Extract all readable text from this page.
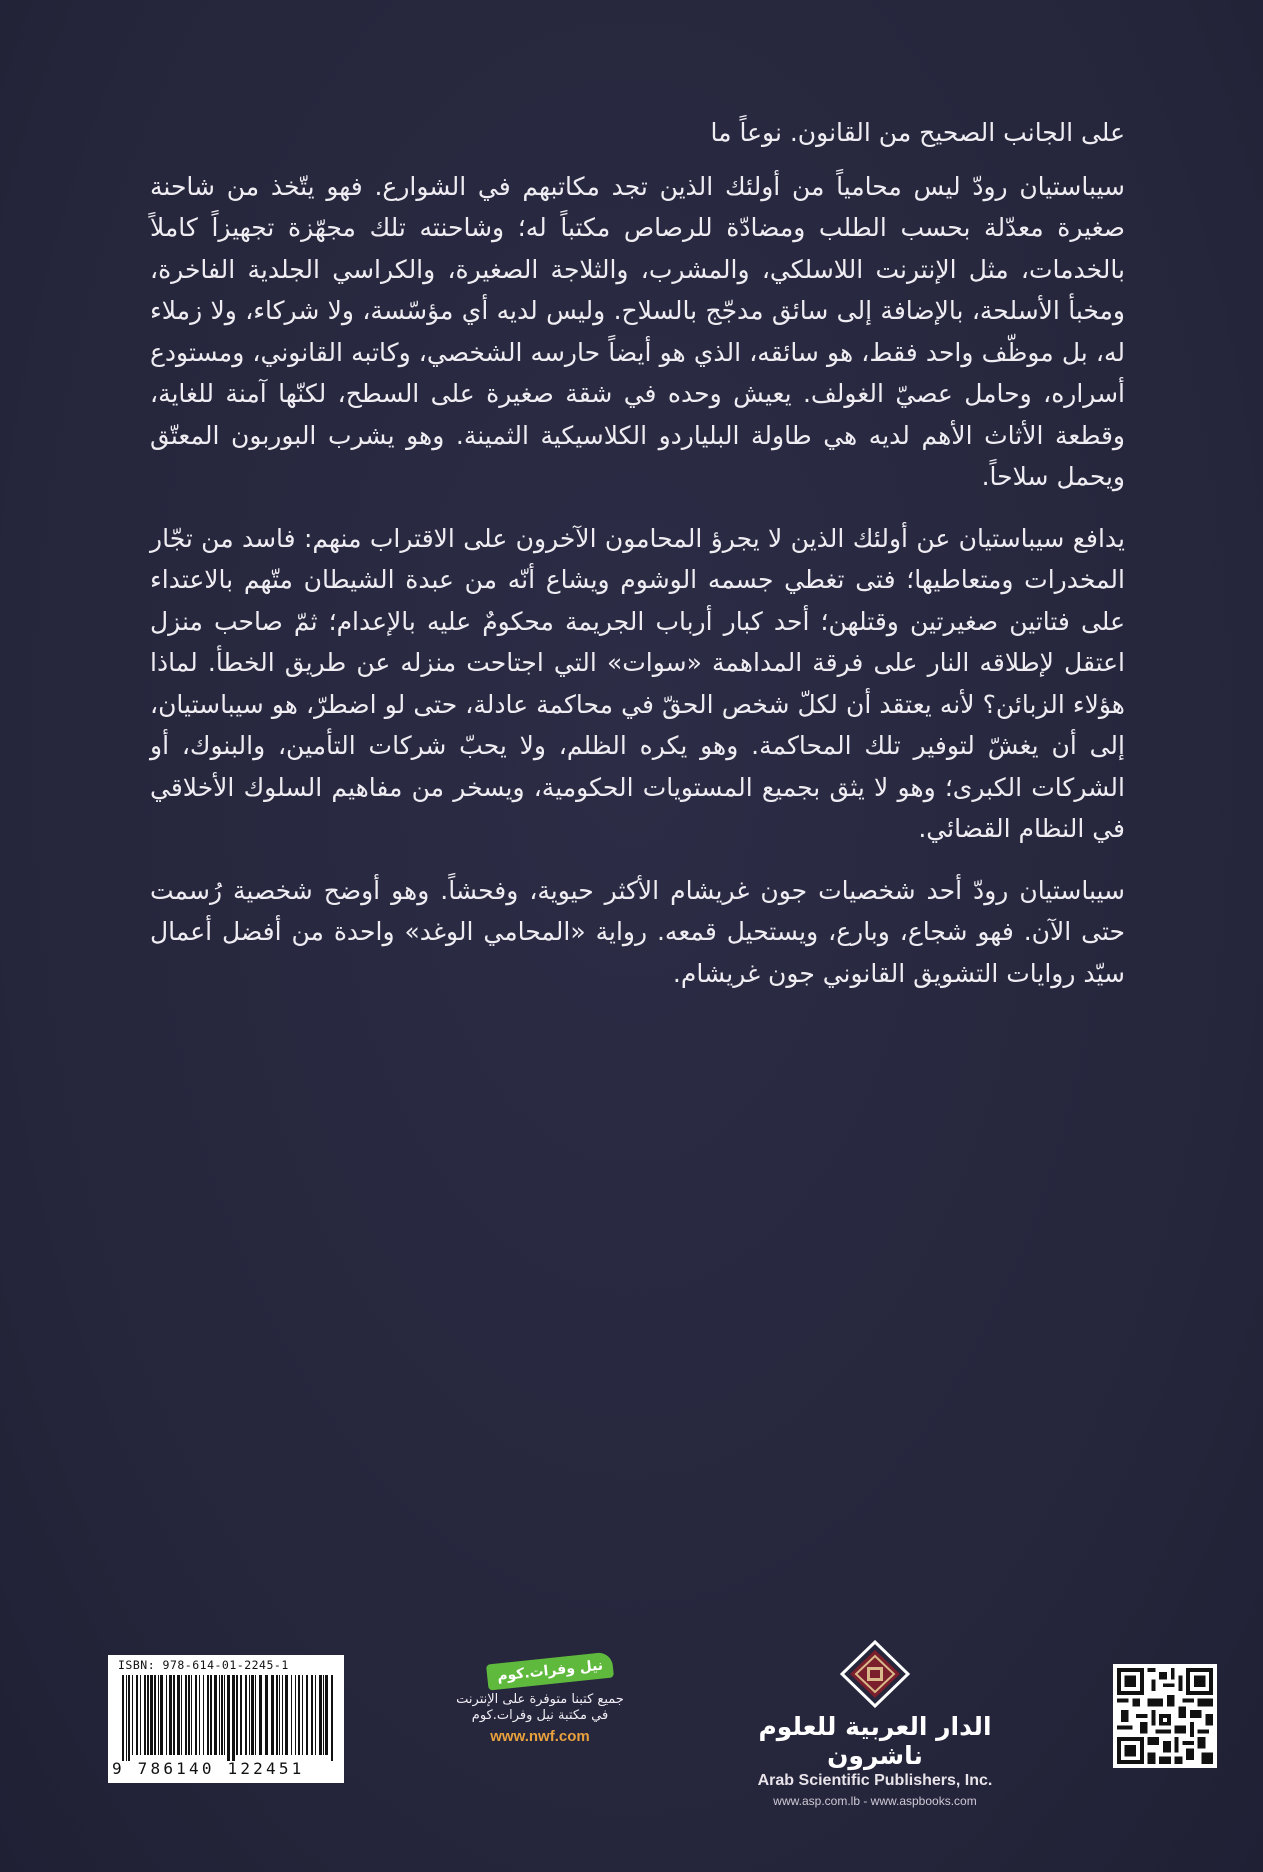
على الجانب الصحيح من القانون. نوعاً ما

سيباستيان رودّ ليس محامياً من أولئك الذين تجد مكاتبهم في الشوارع. فهو يتّخذ من شاحنة صغيرة معدّلة بحسب الطلب ومضادّة للرصاص مكتباً له؛ وشاحنته تلك مجهّزة تجهيزاً كاملاً بالخدمات، مثل الإنترنت اللاسلكي، والمشرب، والثلاجة الصغيرة، والكراسي الجلدية الفاخرة، ومخبأ الأسلحة، بالإضافة إلى سائق مدجّج بالسلاح. وليس لديه أي مؤسّسة، ولا شركاء، ولا زملاء له، بل موظّف واحد فقط، هو سائقه، الذي هو أيضاً حارسه الشخصي، وكاتبه القانوني، ومستودع أسراره، وحامل عصيّ الغولف. يعيش وحده في شقة صغيرة على السطح، لكنّها آمنة للغاية، وقطعة الأثاث الأهم لديه هي طاولة البلياردو الكلاسيكية الثمينة. وهو يشرب البوربون المعتّق ويحمل سلاحاً.

يدافع سيباستيان عن أولئك الذين لا يجرؤ المحامون الآخرون على الاقتراب منهم: فاسد من تجّار المخدرات ومتعاطيها؛ فتى تغطي جسمه الوشوم ويشاع أنّه من عبدة الشيطان متّهم بالاعتداء على فتاتين صغيرتين وقتلهن؛ أحد كبار أرباب الجريمة محكومٌ عليه بالإعدام؛ ثمّ صاحب منزل اعتقل لإطلاقه النار على فرقة المداهمة «سوات» التي اجتاحت منزله عن طريق الخطأ. لماذا هؤلاء الزبائن؟ لأنه يعتقد أن لكلّ شخص الحقّ في محاكمة عادلة، حتى لو اضطرّ، هو سيباستيان، إلى أن يغشّ لتوفير تلك المحاكمة. وهو يكره الظلم، ولا يحبّ شركات التأمين، والبنوك، أو الشركات الكبرى؛ وهو لا يثق بجميع المستويات الحكومية، ويسخر من مفاهيم السلوك الأخلاقي في النظام القضائي.

سيباستيان رودّ أحد شخصيات جون غريشام الأكثر حيوية، وفحشاً. وهو أوضح شخصية رُسمت حتى الآن. فهو شجاع، وبارع، ويستحيل قمعه. رواية «المحامي الوغد» واحدة من أفضل أعمال سيّد روايات التشويق القانوني جون غريشام.

الدار العربية للعلوم ناشرون
Arab Scientific Publishers, Inc.
www.asp.com.lb - www.aspbooks.com
نيل وفرات.كوم
جميع كتبنا متوفرة على الإنترنت
في مكتبة نيل وفرات.كوم
www.nwf.com
ISBN: 978-614-01-2245-1
9 786140 122451
